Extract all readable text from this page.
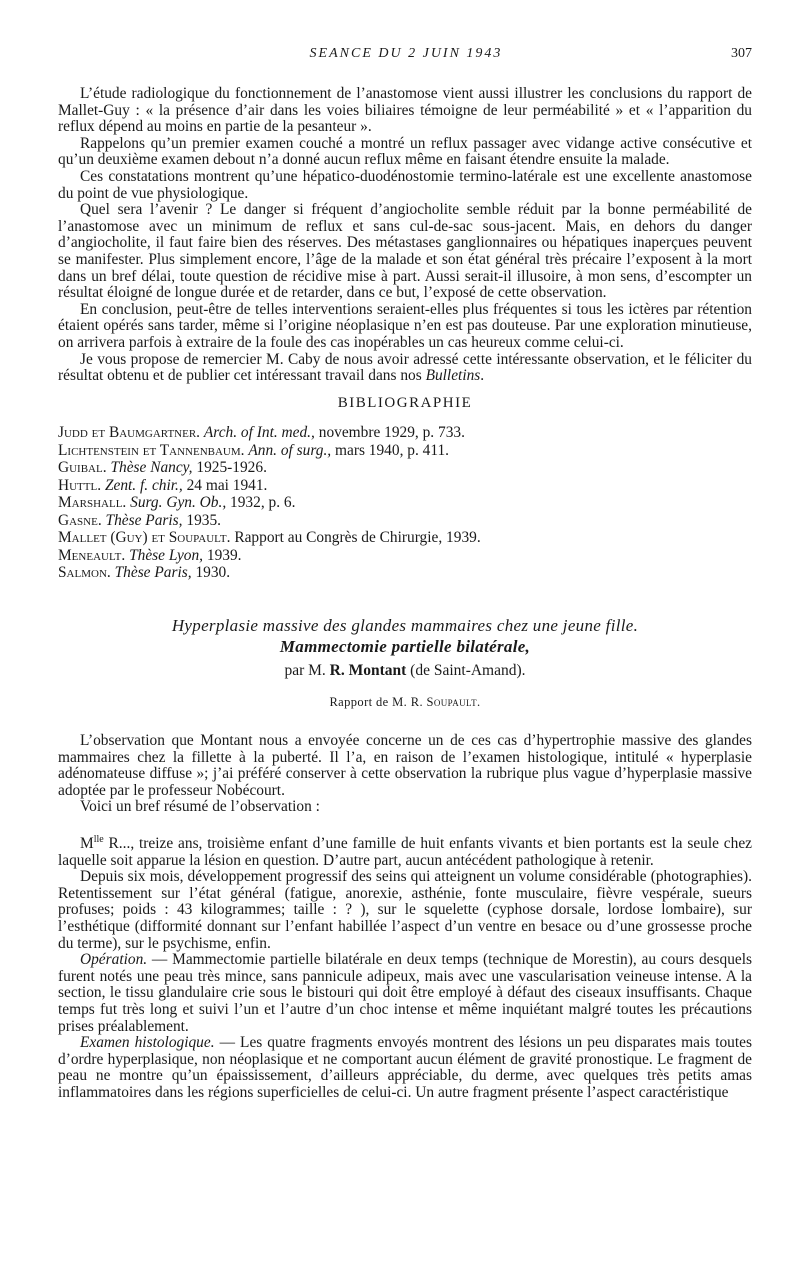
SEANCE DU 2 JUIN 1943	307

L’étude radiologique du fonctionnement de l’anastomose vient aussi illustrer les conclusions du rapport de Mallet-Guy : « la présence d’air dans les voies biliaires témoigne de leur perméabilité » et « l’apparition du reflux dépend au moins en partie de la pesanteur ».

Rappelons qu’un premier examen couché a montré un reflux passager avec vidange active consécutive et qu’un deuxième examen debout n’a donné aucun reflux même en faisant étendre ensuite la malade.

Ces constatations montrent qu’une hépatico-duodénostomie termino-latérale est une excellente anastomose du point de vue physiologique.

Quel sera l’avenir ? Le danger si fréquent d’angiocholite semble réduit par la bonne perméabilité de l’anastomose avec un minimum de reflux et sans cul-de-sac sous-jacent. Mais, en dehors du danger d’angiocholite, il faut faire bien des réserves. Des métastases ganglionnaires ou hépatiques inaperçues peuvent se manifester. Plus simplement encore, l’âge de la malade et son état général très précaire l’exposent à la mort dans un bref délai, toute question de récidive mise à part. Aussi serait-il illusoire, à mon sens, d’escompter un résultat éloigné de longue durée et de retarder, dans ce but, l’exposé de cette observation.

En conclusion, peut-être de telles interventions seraient-elles plus fréquentes si tous les ictères par rétention étaient opérés sans tarder, même si l’origine néoplasique n’en est pas douteuse. Par une exploration minutieuse, on arrivera parfois à extraire de la foule des cas inopérables un cas heureux comme celui-ci.

Je vous propose de remercier M. Caby de nous avoir adressé cette intéressante observation, et le féliciter du résultat obtenu et de publier cet intéressant travail dans nos Bulletins.

BIBLIOGRAPHIE
Judd et Baumgartner. Arch. of Int. med., novembre 1929, p. 733.
Lichtenstein et Tannenbaum. Ann. of surg., mars 1940, p. 411.
Guibal. Thèse Nancy, 1925-1926.
Huttl. Zent. f. chir., 24 mai 1941.
Marshall. Surg. Gyn. Ob., 1932, p. 6.
Gasne. Thèse Paris, 1935.
Mallet (Guy) et Soupault. Rapport au Congrès de Chirurgie, 1939.
Meneault. Thèse Lyon, 1939.
Salmon. Thèse Paris, 1930.
Hyperplasie massive des glandes mammaires chez une jeune fille.
Mammectomie partielle bilatérale,
par M. R. Montant (de Saint-Amand).
Rapport de M. R. Soupault.

L’observation que Montant nous a envoyée concerne un de ces cas d’hypertrophie massive des glandes mammaires chez la fillette à la puberté. Il l’a, en raison de l’examen histologique, intitulé « hyperplasie adénomateuse diffuse »; j’ai préféré conserver à cette observation la rubrique plus vague d’hyperplasie massive adoptée par le professeur Nobécourt.

Voici un bref résumé de l’observation :

$M^{lle}$ R..., treize ans, troisième enfant d’une famille de huit enfants vivants et bien portants est la seule chez laquelle soit apparue la lésion en question. D’autre part, aucun antécédent pathologique à retenir.

Depuis six mois, développement progressif des seins qui atteignent un volume considérable (photographies). Retentissement sur l’état général (fatigue, anorexie, asthénie, fonte musculaire, fièvre vespérale, sueurs profuses; poids : 43 kilogrammes; taille : ? ), sur le squelette (cyphose dorsale, lordose lombaire), sur l’esthétique (difformité donnant sur l’enfant habillée l’aspect d’un ventre en besace ou d’une grossesse proche du terme), sur le psychisme, enfin.

Opération. — Mammectomie partielle bilatérale en deux temps (technique de Morestin), au cours desquels furent notés une peau très mince, sans pannicule adipeux, mais avec une vascularisation veineuse intense. A la section, le tissu glandulaire crie sous le bistouri qui doit être employé à défaut des ciseaux insuffisants. Chaque temps fut très long et suivi l’un et l’autre d’un choc intense et même inquiétant malgré toutes les précautions prises préalablement.

Examen histologique. — Les quatre fragments envoyés montrent des lésions un peu disparates mais toutes d’ordre hyperplasique, non néoplasique et ne comportant aucun élément de gravité pronostique. Le fragment de peau ne montre qu’un épaississement, d’ailleurs appréciable, du derme, avec quelques très petits amas inflammatoires dans les régions superficielles de celui-ci. Un autre fragment présente l’aspect caractéristique
